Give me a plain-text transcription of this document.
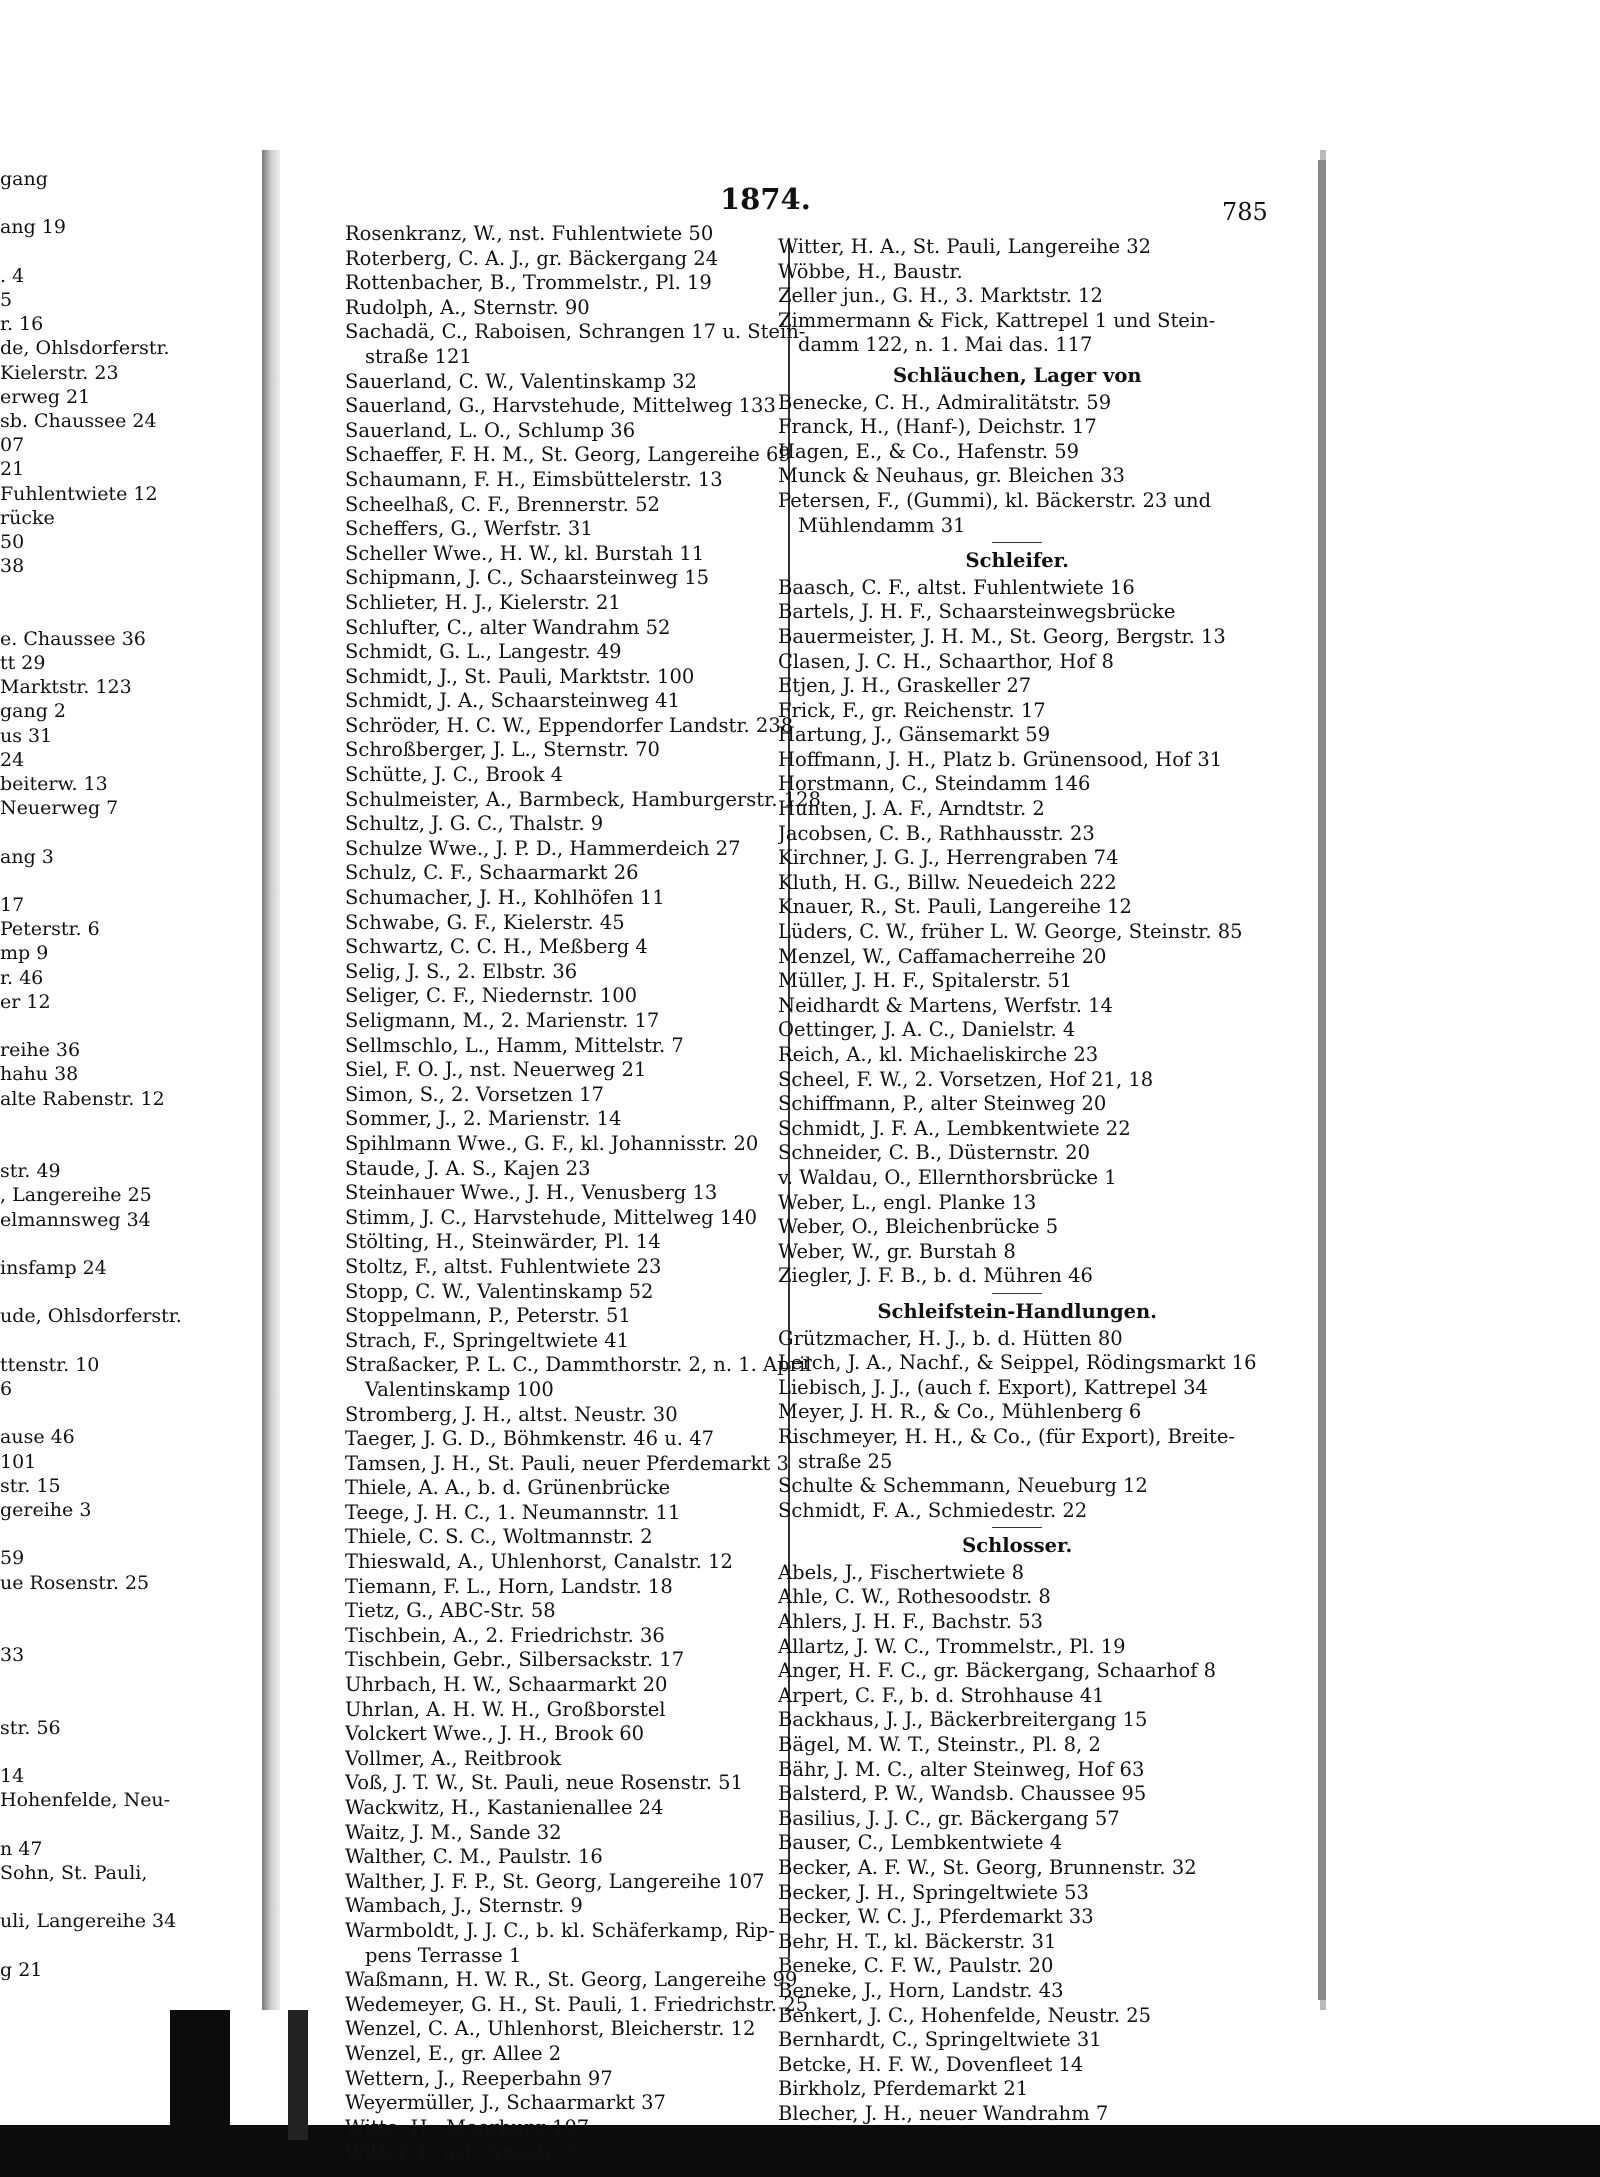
gang
ang 19
. 4
5
r. 16
de, Ohlsdorferstr.
Kielerstr. 23
erweg 21
sb. Chaussee 24
07
21
Fuhlentwiete 12
rücke
50
38
e. Chaussee 36
tt 29
Marktstr. 123
gang 2
us 31
24
beiterw. 13
Neuerweg 7
ang 3
17
Peterstr. 6
mp 9
r. 46
er 12
reihe 36
hahu 38
alte Rabenstr. 12
str. 49
, Langereihe 25
elmannsweg 34
insfamp 24
ude, Ohlsdorferstr.
ttenstr. 10
6
ause 46
101
str. 15
gereihe 3
59
ue Rosenstr. 25
33
str. 56
14
Hohenfelde, Neu-
n 47
Sohn, St. Pauli,
uli, Langereihe 34
g 21
1874.	785
Rosenkranz, W., nst. Fuhlentwiete 50
Roterberg, C. A. J., gr. Bäckergang 24
Rottenbacher, B., Trommelstr., Pl. 19
Rudolph, A., Sternstr. 90
Sachadä, C., Raboisen, Schrangen 17 u. Stein-
straße 121
Sauerland, C. W., Valentinskamp 32
Sauerland, G., Harvstehude, Mittelweg 133
Sauerland, L. O., Schlump 36
Schaeffer, F. H. M., St. Georg, Langereihe 69
Schaumann, F. H., Eimsbüttelerstr. 13
Scheelhaß, C. F., Brennerstr. 52
Scheffers, G., Werfstr. 31
Scheller Wwe., H. W., kl. Burstah 11
Schipmann, J. C., Schaarsteinweg 15
Schlieter, H. J., Kielerstr. 21
Schlufter, C., alter Wandrahm 52
Schmidt, G. L., Langestr. 49
Schmidt, J., St. Pauli, Marktstr. 100
Schmidt, J. A., Schaarsteinweg 41
Schröder, H. C. W., Eppendorfer Landstr. 238
Schroßberger, J. L., Sternstr. 70
Schütte, J. C., Brook 4
Schulmeister, A., Barmbeck, Hamburgerstr. 128
Schultz, J. G. C., Thalstr. 9
Schulze Wwe., J. P. D., Hammerdeich 27
Schulz, C. F., Schaarmarkt 26
Schumacher, J. H., Kohlhöfen 11
Schwabe, G. F., Kielerstr. 45
Schwartz, C. C. H., Meßberg 4
Selig, J. S., 2. Elbstr. 36
Seliger, C. F., Niedernstr. 100
Seligmann, M., 2. Marienstr. 17
Sellmschlo, L., Hamm, Mittelstr. 7
Siel, F. O. J., nst. Neuerweg 21
Simon, S., 2. Vorsetzen 17
Sommer, J., 2. Marienstr. 14
Spihlmann Wwe., G. F., kl. Johannisstr. 20
Staude, J. A. S., Kajen 23
Steinhauer Wwe., J. H., Venusberg 13
Stimm, J. C., Harvstehude, Mittelweg 140
Stölting, H., Steinwärder, Pl. 14
Stoltz, F., altst. Fuhlentwiete 23
Stopp, C. W., Valentinskamp 52
Stoppelmann, P., Peterstr. 51
Strach, F., Springeltwiete 41
Straßacker, P. L. C., Dammthorstr. 2, n. 1. April
Valentinskamp 100
Stromberg, J. H., altst. Neustr. 30
Taeger, J. G. D., Böhmkenstr. 46 u. 47
Tamsen, J. H., St. Pauli, neuer Pferdemarkt 3
Thiele, A. A., b. d. Grünenbrücke
Teege, J. H. C., 1. Neumannstr. 11
Thiele, C. S. C., Woltmannstr. 2
Thieswald, A., Uhlenhorst, Canalstr. 12
Tiemann, F. L., Horn, Landstr. 18
Tietz, G., ABC-Str. 58
Tischbein, A., 2. Friedrichstr. 36
Tischbein, Gebr., Silbersackstr. 17
Uhrbach, H. W., Schaarmarkt 20
Uhrlan, A. H. W. H., Großborstel
Volckert Wwe., J. H., Brook 60
Vollmer, A., Reitbrook
Voß, J. T. W., St. Pauli, neue Rosenstr. 51
Wackwitz, H., Kastanienallee 24
Waitz, J. M., Sande 32
Walther, C. M., Paulstr. 16
Walther, J. F. P., St. Georg, Langereihe 107
Wambach, J., Sternstr. 9
Warmboldt, J. J. C., b. kl. Schäferkamp, Rip-
pens Terrasse 1
Waßmann, H. W. R., St. Georg, Langereihe 99
Wedemeyer, G. H., St. Pauli, 1. Friedrichstr. 25
Wenzel, C. A., Uhlenhorst, Bleicherstr. 12
Wenzel, E., gr. Allee 2
Wettern, J., Reeperbahn 97
Weyermüller, J., Schaarmarkt 37
Witte, H., Moorburg 107
Witter, J., nst. Neustr. 7
Witter, H. A., St. Pauli, Langereihe 32
Wöbbe, H., Baustr.
Zeller jun., G. H., 3. Marktstr. 12
Zimmermann & Fick, Kattrepel 1 und Stein-
damm 122, n. 1. Mai das. 117
Schläuchen, Lager von
Benecke, C. H., Admiralitätstr. 59
Franck, H., (Hanf-), Deichstr. 17
Hagen, E., & Co., Hafenstr. 59
Munck & Neuhaus, gr. Bleichen 33
Petersen, F., (Gummi), kl. Bäckerstr. 23 und
Mühlendamm 31
Schleifer.
Baasch, C. F., altst. Fuhlentwiete 16
Bartels, J. H. F., Schaarsteinwegsbrücke
Bauermeister, J. H. M., St. Georg, Bergstr. 13
Clasen, J. C. H., Schaarthor, Hof 8
Etjen, J. H., Graskeller 27
Frick, F., gr. Reichenstr. 17
Hartung, J., Gänsemarkt 59
Hoffmann, J. H., Platz b. Grünensood, Hof 31
Horstmann, C., Steindamm 146
Hunten, J. A. F., Arndtstr. 2
Jacobsen, C. B., Rathhausstr. 23
Kirchner, J. G. J., Herrengraben 74
Kluth, H. G., Billw. Neuedeich 222
Knauer, R., St. Pauli, Langereihe 12
Lüders, C. W., früher L. W. George, Steinstr. 85
Menzel, W., Caffamacherreihe 20
Müller, J. H. F., Spitalerstr. 51
Neidhardt & Martens, Werfstr. 14
Oettinger, J. A. C., Danielstr. 4
Reich, A., kl. Michaeliskirche 23
Scheel, F. W., 2. Vorsetzen, Hof 21, 18
Schiffmann, P., alter Steinweg 20
Schmidt, J. F. A., Lembkentwiete 22
Schneider, C. B., Düsternstr. 20
v. Waldau, O., Ellernthorsbrücke 1
Weber, L., engl. Planke 13
Weber, O., Bleichenbrücke 5
Weber, W., gr. Burstah 8
Ziegler, J. F. B., b. d. Mühren 46
Schleifstein-Handlungen.
Grützmacher, H. J., b. d. Hütten 80
Lerch, J. A., Nachf., & Seippel, Rödingsmarkt 16
Liebisch, J. J., (auch f. Export), Kattrepel 34
Meyer, J. H. R., & Co., Mühlenberg 6
Rischmeyer, H. H., & Co., (für Export), Breite-
straße 25
Schulte & Schemmann, Neueburg 12
Schmidt, F. A., Schmiedestr. 22
Schlosser.
Abels, J., Fischertwiete 8
Ahle, C. W., Rothesoodstr. 8
Ahlers, J. H. F., Bachstr. 53
Allartz, J. W. C., Trommelstr., Pl. 19
Anger, H. F. C., gr. Bäckergang, Schaarhof 8
Arpert, C. F., b. d. Strohhause 41
Backhaus, J. J., Bäckerbreitergang 15
Bägel, M. W. T., Steinstr., Pl. 8, 2
Bähr, J. M. C., alter Steinweg, Hof 63
Balsterd, P. W., Wandsb. Chaussee 95
Basilius, J. J. C., gr. Bäckergang 57
Bauser, C., Lembkentwiete 4
Becker, A. F. W., St. Georg, Brunnenstr. 32
Becker, J. H., Springeltwiete 53
Becker, W. C. J., Pferdemarkt 33
Behr, H. T., kl. Bäckerstr. 31
Beneke, C. F. W., Paulstr. 20
Beneke, J., Horn, Landstr. 43
Benkert, J. C., Hohenfelde, Neustr. 25
Bernhardt, C., Springeltwiete 31
Betcke, H. F. W., Dovenfleet 14
Birkholz, Pferdemarkt 21
Blecher, J. H., neuer Wandrahm 7
